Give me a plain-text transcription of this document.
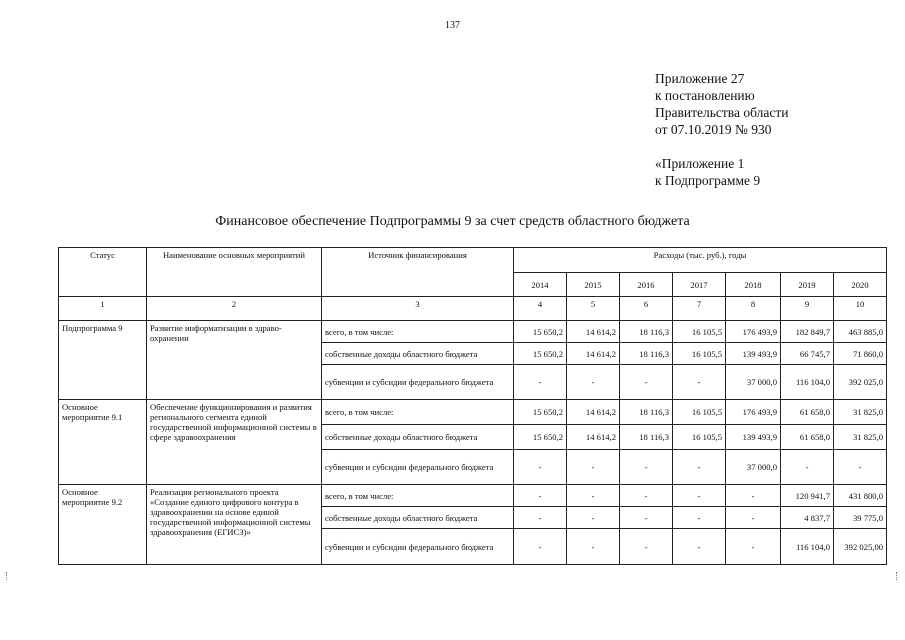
137
Приложение 27
к постановлению
Правительства области
от 07.10.2019 № 930
«Приложение 1
к Подпрограмме 9
Финансовое обеспечение Подпрограммы 9 за счет средств областного бюджета
Статус	Наименование основных мероприятий	Источник финансирования	Расходы (тыс. руб.), годы						
			2014	2015	2016	2017	2018	2019	2020
1	2	3	4	5	6	7	8	9	10
Подпрограмма 9	Развитие информатизации в здраво-охранении	всего, в том числе:	15 650,2	14 614,2	18 116,3	16 105,5	176 493,9	182 849,7	463 885,0
		собственные доходы областного бюджета	15 650,2	14 614,2	18 116,3	16 105,5	139 493,9	66 745,7	71 860,0
		субвенции и субсидии федерального бюджета	-	-	-	-	37 000,0	116 104,0	392 025,0
Основное мероприятие 9.1	Обеспечение функционирования и развития регионального сегмента единой государственной информационной системы в сфере здравоохранения	всего, в том числе:	15 650,2	14 614,2	18 116,3	16 105,5	176 493,9	61 658,0	31 825,0
		собственные доходы областного бюджета	15 650,2	14 614,2	18 116,3	16 105,5	139 493,9	61 658,0	31 825,0
		субвенции и субсидии федерального бюджета	-	-	-	-	37 000,0	-	-
Основное мероприятие 9.2	Реализация регионального проекта «Создание единого цифрового контура в здравоохранении на основе единой государственной информационной системы здравоохранения (ЕГИСЗ)»	всего, в том числе:	-	-	-	-	-	120 941,7	431 800,0
		собственные доходы областного бюджета	-	-	-	-	-	4 837,7	39 775,0
		субвенции и субсидии федерального бюджета	-	-	-	-	-	116 104,0	392 025,00
